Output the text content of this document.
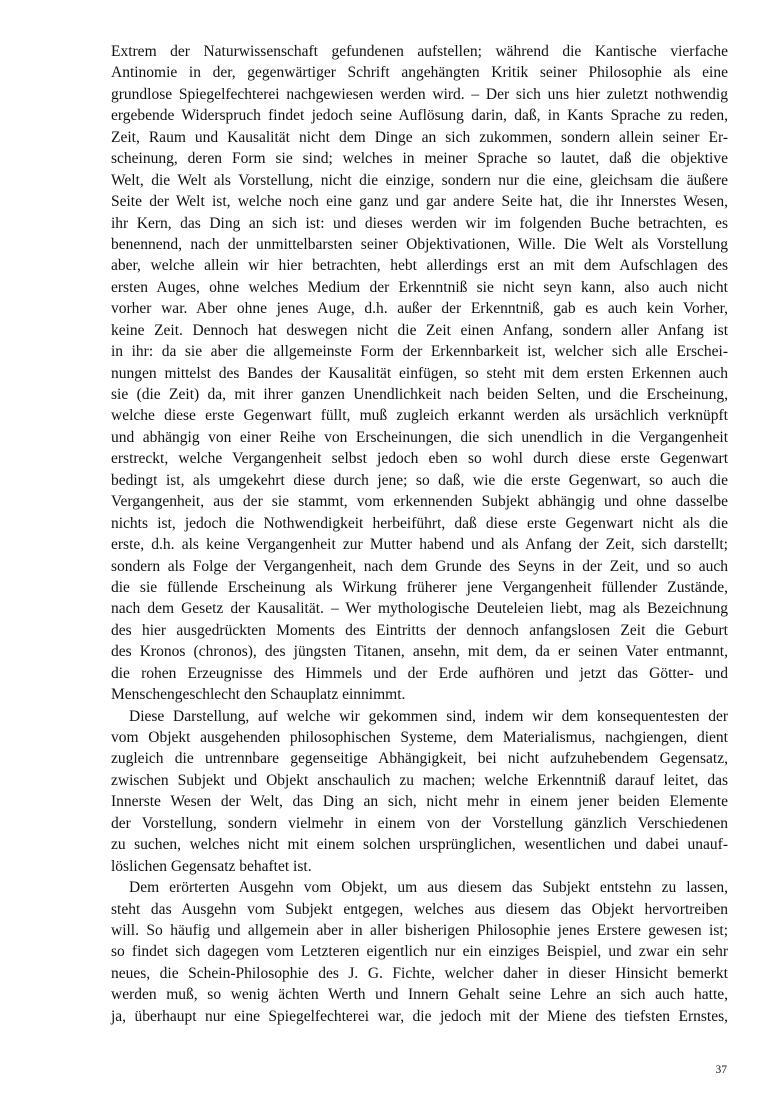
Extrem der Naturwissenschaft gefundenen aufstellen; während die Kantische vierfache
Antinomie in der, gegenwärtiger Schrift angehängten Kritik seiner Philosophie als eine
grundlose Spiegelfechterei nachgewiesen werden wird. – Der sich uns hier zuletzt nothwendig
ergebende Widerspruch findet jedoch seine Auflösung darin, daß, in Kants Sprache zu reden,
Zeit, Raum und Kausalität nicht dem Dinge an sich zukommen, sondern allein seiner Er-
scheinung, deren Form sie sind; welches in meiner Sprache so lautet, daß die objektive
Welt, die Welt als Vorstellung, nicht die einzige, sondern nur die eine, gleichsam die äußere
Seite der Welt ist, welche noch eine ganz und gar andere Seite hat, die ihr Innerstes Wesen,
ihr Kern, das Ding an sich ist: und dieses werden wir im folgenden Buche betrachten, es
benennend, nach der unmittelbarsten seiner Objektivationen, Wille. Die Welt als Vorstellung
aber, welche allein wir hier betrachten, hebt allerdings erst an mit dem Aufschlagen des
ersten Auges, ohne welches Medium der Erkenntniß sie nicht seyn kann, also auch nicht
vorher war. Aber ohne jenes Auge, d.h. außer der Erkenntniß, gab es auch kein Vorher,
keine Zeit. Dennoch hat deswegen nicht die Zeit einen Anfang, sondern aller Anfang ist
in ihr: da sie aber die allgemeinste Form der Erkennbarkeit ist, welcher sich alle Erschei-
nungen mittelst des Bandes der Kausalität einfügen, so steht mit dem ersten Erkennen auch
sie (die Zeit) da, mit ihrer ganzen Unendlichkeit nach beiden Selten, und die Erscheinung,
welche diese erste Gegenwart füllt, muß zugleich erkannt werden als ursächlich verknüpft
und abhängig von einer Reihe von Erscheinungen, die sich unendlich in die Vergangenheit
erstreckt, welche Vergangenheit selbst jedoch eben so wohl durch diese erste Gegenwart
bedingt ist, als umgekehrt diese durch jene; so daß, wie die erste Gegenwart, so auch die
Vergangenheit, aus der sie stammt, vom erkennenden Subjekt abhängig und ohne dasselbe
nichts ist, jedoch die Nothwendigkeit herbeiführt, daß diese erste Gegenwart nicht als die
erste, d.h. als keine Vergangenheit zur Mutter habend und als Anfang der Zeit, sich darstellt;
sondern als Folge der Vergangenheit, nach dem Grunde des Seyns in der Zeit, und so auch
die sie füllende Erscheinung als Wirkung früherer jene Vergangenheit füllender Zustände,
nach dem Gesetz der Kausalität. – Wer mythologische Deuteleien liebt, mag als Bezeichnung
des hier ausgedrückten Moments des Eintritts der dennoch anfangslosen Zeit die Geburt
des Kronos (chronos), des jüngsten Titanen, ansehn, mit dem, da er seinen Vater entmannt,
die rohen Erzeugnisse des Himmels und der Erde aufhören und jetzt das Götter- und
Menschengeschlecht den Schauplatz einnimmt.
Diese Darstellung, auf welche wir gekommen sind, indem wir dem konsequentesten der
vom Objekt ausgehenden philosophischen Systeme, dem Materialismus, nachgiengen, dient
zugleich die untrennbare gegenseitige Abhängigkeit, bei nicht aufzuhebendem Gegensatz,
zwischen Subjekt und Objekt anschaulich zu machen; welche Erkenntniß darauf leitet, das
Innerste Wesen der Welt, das Ding an sich, nicht mehr in einem jener beiden Elemente
der Vorstellung, sondern vielmehr in einem von der Vorstellung gänzlich Verschiedenen
zu suchen, welches nicht mit einem solchen ursprünglichen, wesentlichen und dabei unauf-
löslichen Gegensatz behaftet ist.
Dem erörterten Ausgehn vom Objekt, um aus diesem das Subjekt entstehn zu lassen,
steht das Ausgehn vom Subjekt entgegen, welches aus diesem das Objekt hervortreiben
will. So häufig und allgemein aber in aller bisherigen Philosophie jenes Erstere gewesen ist;
so findet sich dagegen vom Letzteren eigentlich nur ein einziges Beispiel, und zwar ein sehr
neues, die Schein-Philosophie des J. G. Fichte, welcher daher in dieser Hinsicht bemerkt
werden muß, so wenig ächten Werth und Innern Gehalt seine Lehre an sich auch hatte,
ja, überhaupt nur eine Spiegelfechterei war, die jedoch mit der Miene des tiefsten Ernstes,
37
